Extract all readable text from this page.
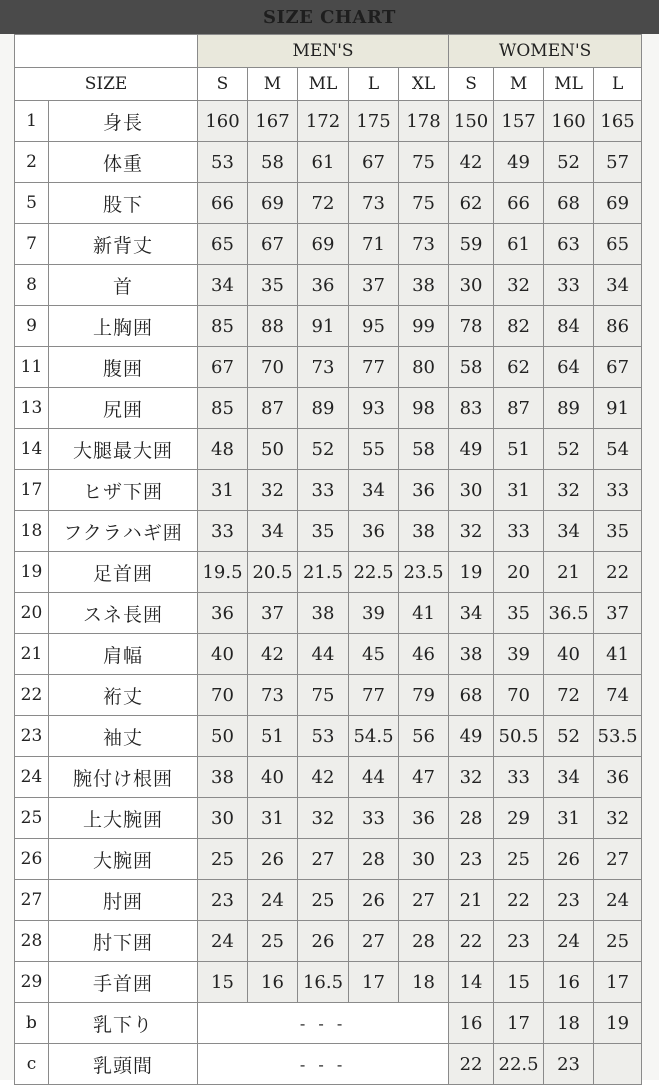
SIZE CHART
		MEN'S					WOMEN'S			
SIZE		S	M	ML	L	XL	S	M	ML	L
1	身長	160	167	172	175	178	150	157	160	165
2	体重	53	58	61	67	75	42	49	52	57
5	股下	66	69	72	73	75	62	66	68	69
7	新背丈	65	67	69	71	73	59	61	63	65
8	首	34	35	36	37	38	30	32	33	34
9	上胸囲	85	88	91	95	99	78	82	84	86
11	腹囲	67	70	73	77	80	58	62	64	67
13	尻囲	85	87	89	93	98	83	87	89	91
14	大腿最大囲	48	50	52	55	58	49	51	52	54
17	ヒザ下囲	31	32	33	34	36	30	31	32	33
18	フクラハギ囲	33	34	35	36	38	32	33	34	35
19	足首囲	19.5	20.5	21.5	22.5	23.5	19	20	21	22
20	スネ長囲	36	37	38	39	41	34	35	36.5	37
21	肩幅	40	42	44	45	46	38	39	40	41
22	裄丈	70	73	75	77	79	68	70	72	74
23	袖丈	50	51	53	54.5	56	49	50.5	52	53.5
24	腕付け根囲	38	40	42	44	47	32	33	34	36
25	上大腕囲	30	31	32	33	36	28	29	31	32
26	大腕囲	25	26	27	28	30	23	25	26	27
27	肘囲	23	24	25	26	27	21	22	23	24
28	肘下囲	24	25	26	27	28	22	23	24	25
29	手首囲	15	16	16.5	17	18	14	15	16	17
b	乳下り	- - -					16	17	18	19
c	乳頭間	- - -					22	22.5	23	
